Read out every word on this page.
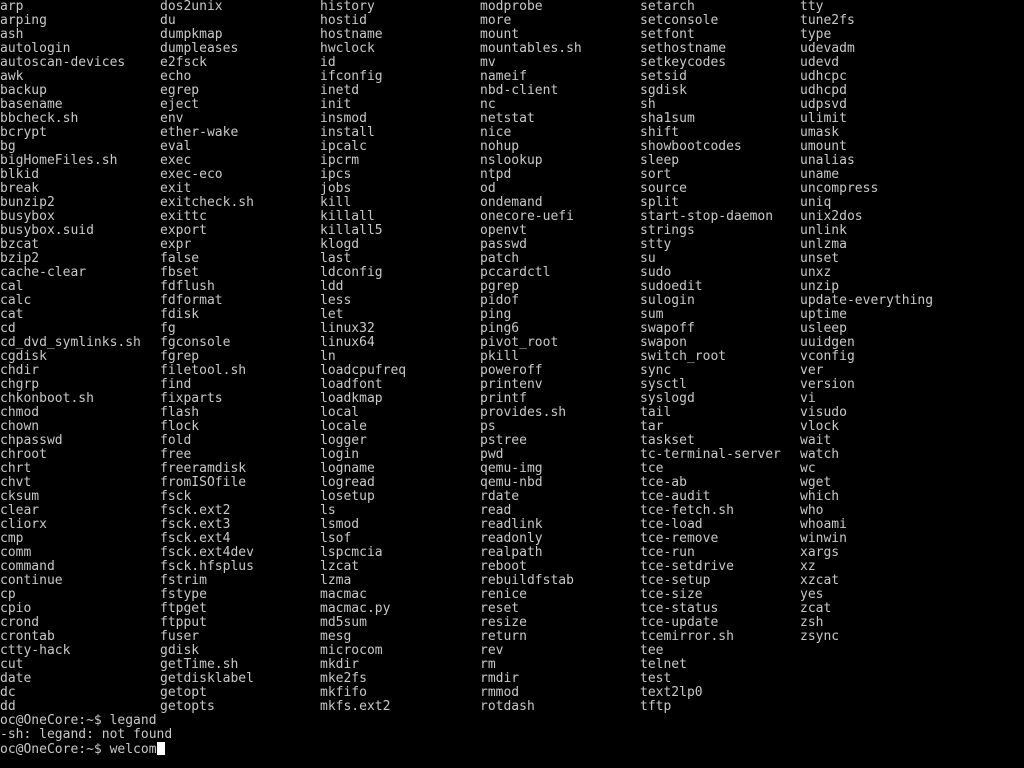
arp
arping
ash
autologin
autoscan-devices
awk
backup
basename
bbcheck.sh
bcrypt
bg
bigHomeFiles.sh
blkid
break
bunzip2
busybox
busybox.suid
bzcat
bzip2
cache-clear
cal
calc
cat
cd
cd_dvd_symlinks.sh
cgdisk
chdir
chgrp
chkonboot.sh
chmod
chown
chpasswd
chroot
chrt
chvt
cksum
clear
cliorx
cmp
comm
command
continue
cp
cpio
crond
crontab
ctty-hack
cut
date
dc
dd
dos2unix
du
dumpkmap
dumpleases
e2fsck
echo
egrep
eject
env
ether-wake
eval
exec
exec-eco
exit
exitcheck.sh
exittc
export
expr
false
fbset
fdflush
fdformat
fdisk
fg
fgconsole
fgrep
filetool.sh
find
fixparts
flash
flock
fold
free
freeramdisk
fromISOfile
fsck
fsck.ext2
fsck.ext3
fsck.ext4
fsck.ext4dev
fsck.hfsplus
fstrim
fstype
ftpget
ftpput
fuser
gdisk
getTime.sh
getdisklabel
getopt
getopts
history
hostid
hostname
hwclock
id
ifconfig
inetd
init
insmod
install
ipcalc
ipcrm
ipcs
jobs
kill
killall
killall5
klogd
last
ldconfig
ldd
less
let
linux32
linux64
ln
loadcpufreq
loadfont
loadkmap
local
locale
logger
login
logname
logread
losetup
ls
lsmod
lsof
lspcmcia
lzcat
lzma
macmac
macmac.py
md5sum
mesg
microcom
mkdir
mke2fs
mkfifo
mkfs.ext2
modprobe
more
mount
mountables.sh
mv
nameif
nbd-client
nc
netstat
nice
nohup
nslookup
ntpd
od
ondemand
onecore-uefi
openvt
passwd
patch
pccardctl
pgrep
pidof
ping
ping6
pivot_root
pkill
poweroff
printenv
printf
provides.sh
ps
pstree
pwd
qemu-img
qemu-nbd
rdate
read
readlink
readonly
realpath
reboot
rebuildfstab
renice
reset
resize
return
rev
rm
rmdir
rmmod
rotdash
setarch
setconsole
setfont
sethostname
setkeycodes
setsid
sgdisk
sh
sha1sum
shift
showbootcodes
sleep
sort
source
split
start-stop-daemon
strings
stty
su
sudo
sudoedit
sulogin
sum
swapoff
swapon
switch_root
sync
sysctl
syslogd
tail
tar
taskset
tc-terminal-server
tce
tce-ab
tce-audit
tce-fetch.sh
tce-load
tce-remove
tce-run
tce-setdrive
tce-setup
tce-size
tce-status
tce-update
tcemirror.sh
tee
telnet
test
text2lp0
tftp
tty
tune2fs
type
udevadm
udevd
udhcpc
udhcpd
udpsvd
ulimit
umask
umount
unalias
uname
uncompress
uniq
unix2dos
unlink
unlzma
unset
unxz
unzip
update-everything
uptime
usleep
uuidgen
vconfig
ver
version
vi
visudo
vlock
wait
watch
wc
wget
which
who
whoami
winwin
xargs
xz
xzcat
yes
zcat
zsh
zsync
oc@OneCore:~$ legand
-sh: legand: not found
oc@OneCore:~$ welcom
